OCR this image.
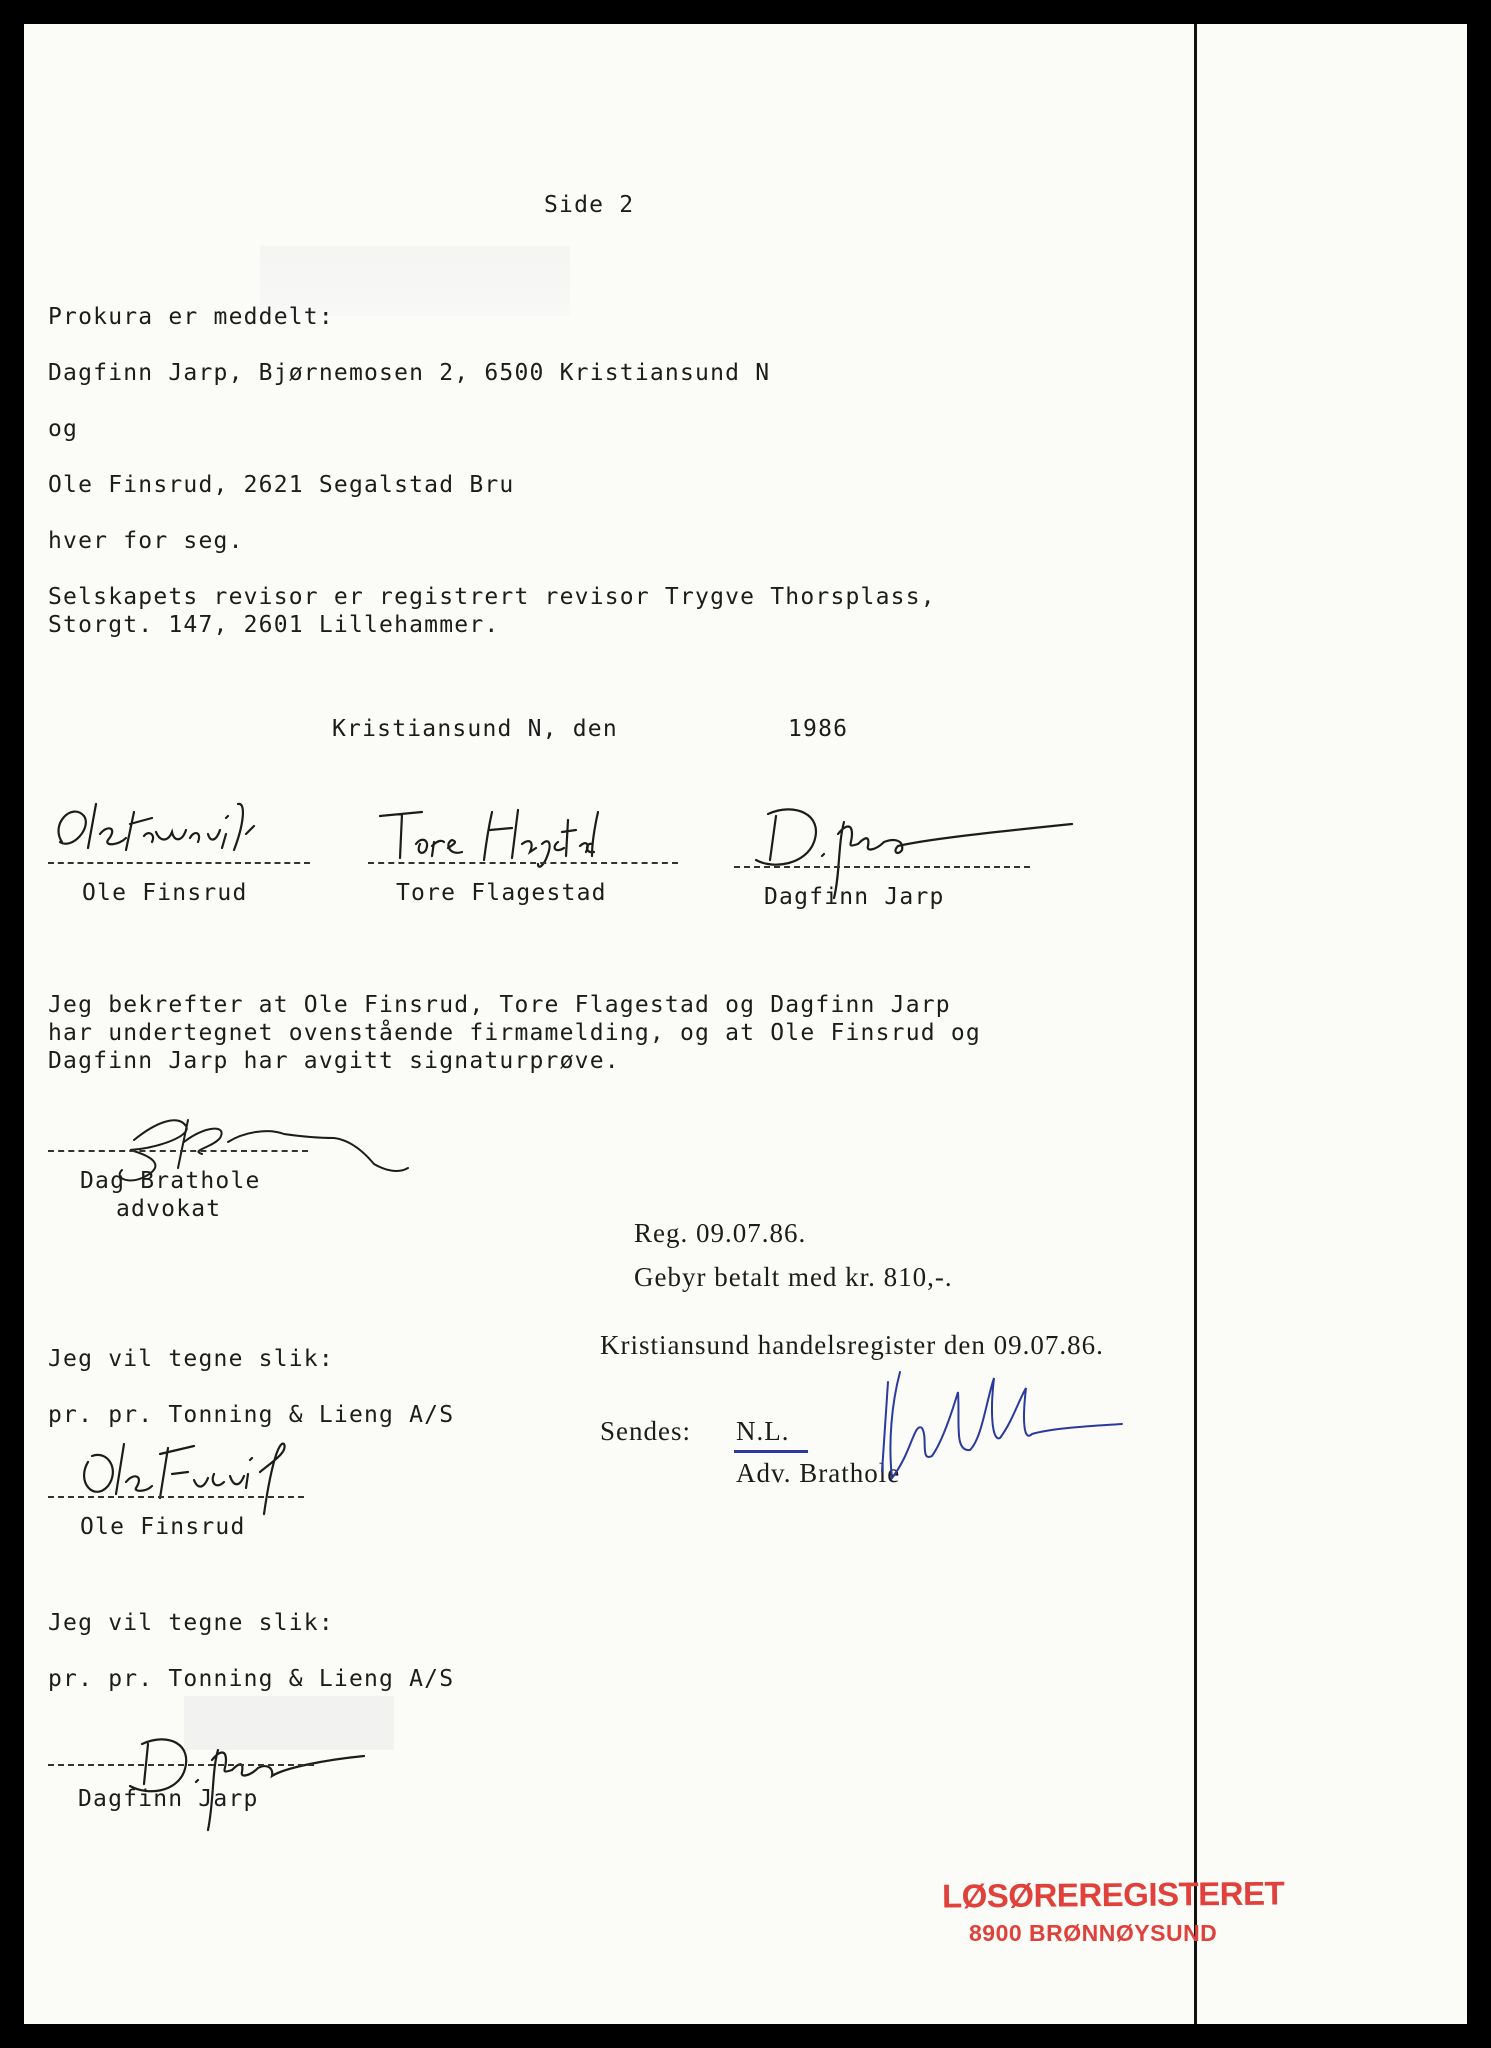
Side 2
Prokura er meddelt:
Dagfinn Jarp, Bjørnemosen 2, 6500 Kristiansund N
og
Ole Finsrud, 2621 Segalstad Bru
hver for seg.
Selskapets revisor er registrert revisor Trygve Thorsplass,
Storgt. 147, 2601 Lillehammer.
Kristiansund N, den	1986
Ole Finsrud	Tore Flagestad	Dagfinn Jarp
Jeg bekrefter at Ole Finsrud, Tore Flagestad og Dagfinn Jarp
har undertegnet ovenstående firmamelding, og at Ole Finsrud og
Dagfinn Jarp har avgitt signaturprøve.
Dag Brathole
advokat
Reg. 09.07.86.
Gebyr betalt med kr. 810,-.
Kristiansund handelsregister den 09.07.86.
Sendes: N.L.
Adv. Brathole
Jeg vil tegne slik:
pr. pr. Tonning & Lieng A/S
Ole Finsrud
Jeg vil tegne slik:
pr. pr. Tonning & Lieng A/S
Dagfinn Jarp
LØSØREREGISTERET
8900 BRØNNØYSUND
